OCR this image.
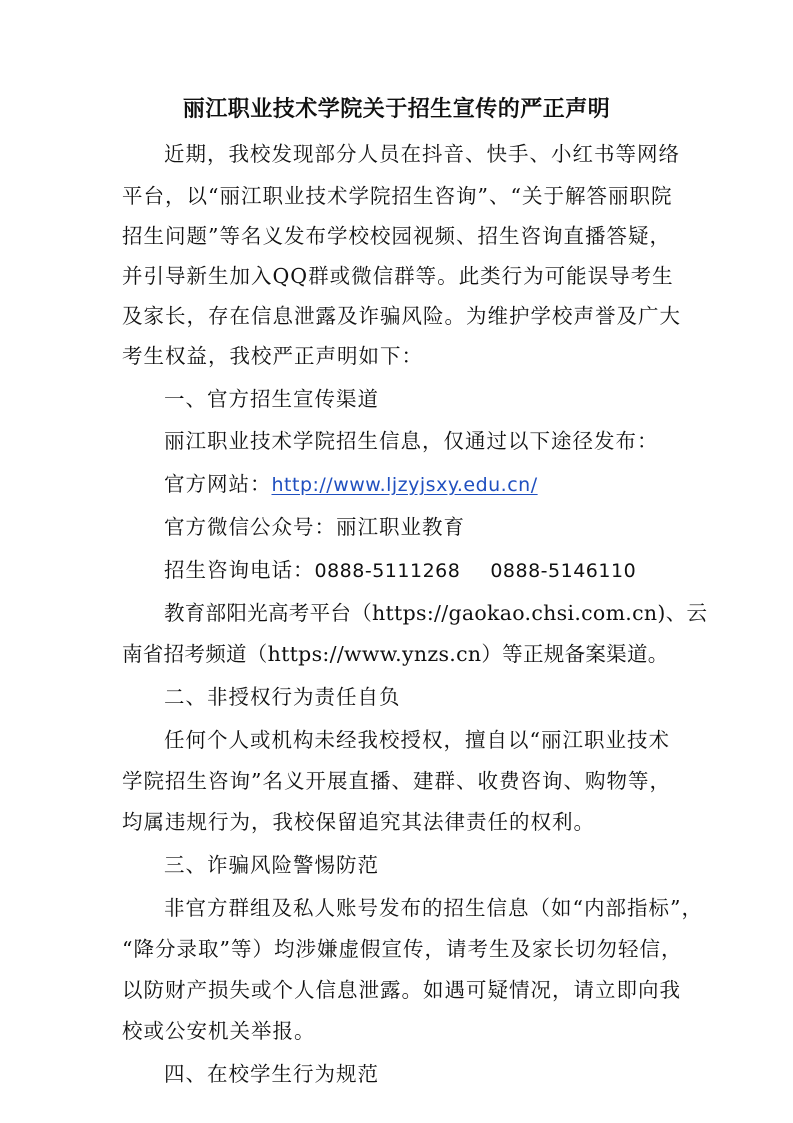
丽江职业技术学院关于招生宣传的严正声明

近期，我校发现部分人员在抖音、快手、小红书等网络

平台，以“丽江职业技术学院招生咨询”、“关于解答丽职院

招生问题”等名义发布学校校园视频、招生咨询直播答疑，

并引导新生加入QQ群或微信群等。此类行为可能误导考生

及家长，存在信息泄露及诈骗风险。为维护学校声誉及广大

考生权益，我校严正声明如下：

一、官方招生宣传渠道

丽江职业技术学院招生信息，仅通过以下途径发布：

官方网站：http://www.ljzyjsxy.edu.cn/

官方微信公众号：丽江职业教育

招生咨询电话：0888-5111268 0888-5146110

教育部阳光高考平台（https://gaokao.chsi.com.cn)、云

南省招考频道（https://www.ynzs.cn）等正规备案渠道。

二、非授权行为责任自负

任何个人或机构未经我校授权，擅自以“丽江职业技术

学院招生咨询”名义开展直播、建群、收费咨询、购物等，

均属违规行为，我校保留追究其法律责任的权利。

三、诈骗风险警惕防范

非官方群组及私人账号发布的招生信息（如“内部指标”，

“降分录取”等）均涉嫌虚假宣传，请考生及家长切勿轻信，

以防财产损失或个人信息泄露。如遇可疑情况，请立即向我

校或公安机关举报。

四、在校学生行为规范
